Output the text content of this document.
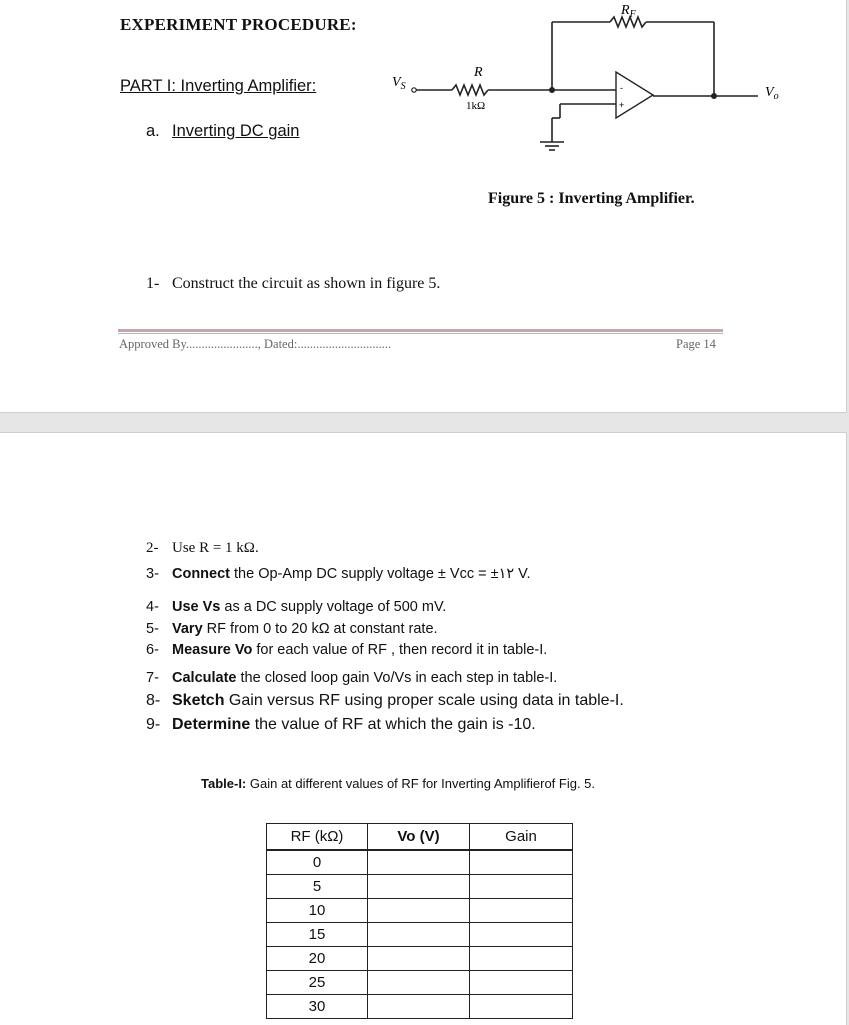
EXPERIMENT PROCEDURE:
PART I: Inverting Amplifier:
a. Inverting DC gain
$V_S$
R
1kΩ
$R_F$
$V_o$
-
+
Figure 5 : Inverting Amplifier.
1- Construct the circuit as shown in figure 5.
Approved By......................., Dated:..............................	Page 14
2- Use R = 1 kΩ.
3- Connect the Op-Amp DC supply voltage ± Vcc = ±١٢ V.
4- Use Vs as a DC supply voltage of 500 mV.
5- Vary RF from 0 to 20 kΩ at constant rate.
6- Measure Vo for each value of RF , then record it in table-I.
7- Calculate the closed loop gain Vo/Vs in each step in table-I.
8- Sketch Gain versus RF using proper scale using data in table-I.
9- Determine the value of RF at which the gain is -10.
Table-I: Gain at different values of RF for Inverting Amplifierof Fig. 5.
RF (kΩ)	Vo (V)	Gain
0		
5		
10		
15		
20		
25		
30		
